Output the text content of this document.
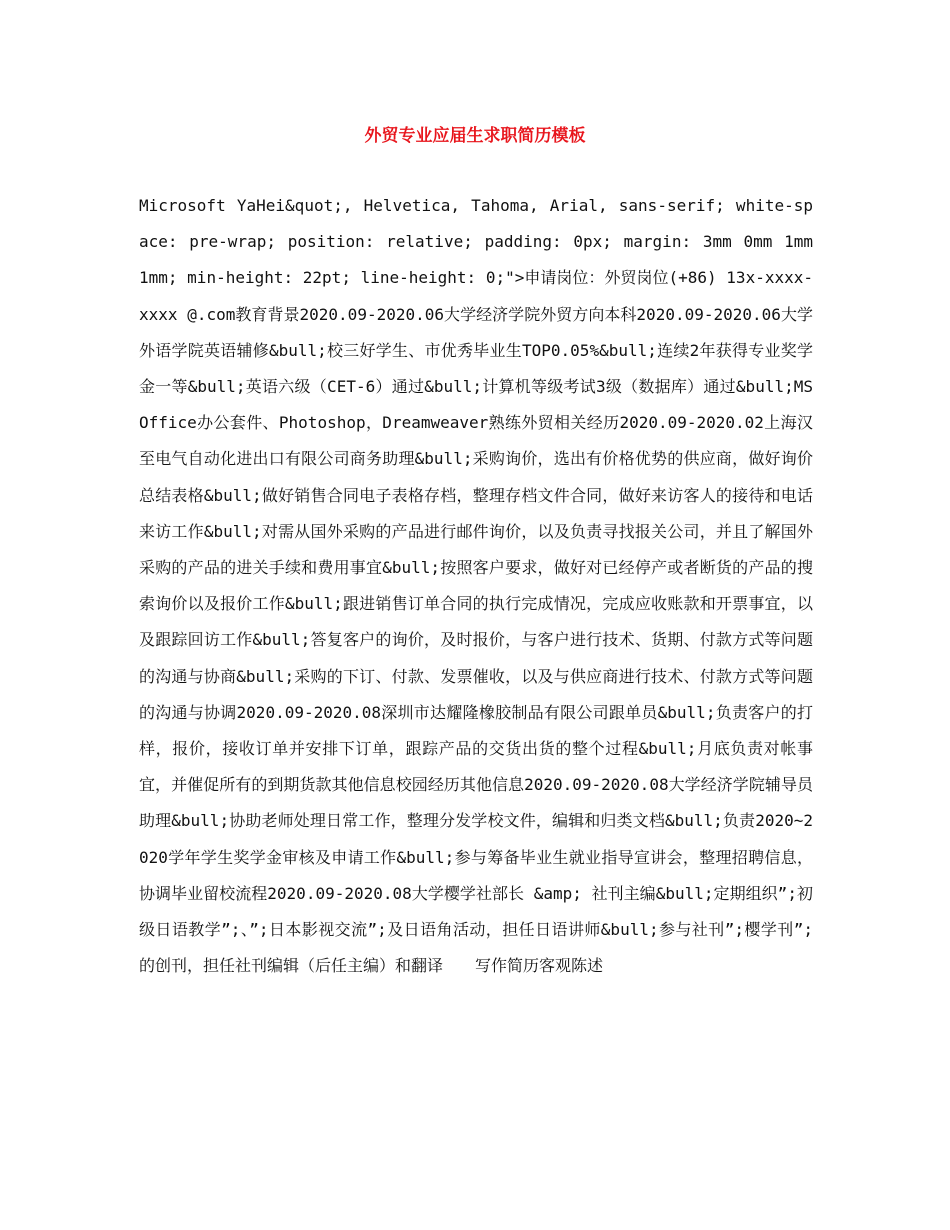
外贸专业应届生求职简历模板

Microsoft YaHei&quot;, Helvetica, Tahoma, Arial, sans-serif; white-space: pre-wrap; position: relative; padding: 0px; margin: 3mm 0mm 1mm 1mm; min-height: 22pt; line-height: 0;">申请岗位：外贸岗位(+86) 13x-xxxx-xxxx @.com教育背景2020.09-2020.06大学经济学院外贸方向本科2020.09-2020.06大学外语学院英语辅修&bull;校三好学生、市优秀毕业生TOP0.05%&bull;连续2年获得专业奖学金一等&bull;英语六级（CET-6）通过&bull;计算机等级考试3级（数据库）通过&bull;MS Office办公套件、Photoshop，Dreamweaver熟练外贸相关经历2020.09-2020.02上海汉至电气自动化进出口有限公司商务助理&bull;采购询价，选出有价格优势的供应商，做好询价总结表格&bull;做好销售合同电子表格存档，整理存档文件合同，做好来访客人的接待和电话来访工作&bull;对需从国外采购的产品进行邮件询价，以及负责寻找报关公司，并且了解国外采购的产品的进关手续和费用事宜&bull;按照客户要求，做好对已经停产或者断货的产品的搜索询价以及报价工作&bull;跟进销售订单合同的执行完成情况，完成应收账款和开票事宜，以及跟踪回访工作&bull;答复客户的询价，及时报价，与客户进行技术、货期、付款方式等问题的沟通与协商&bull;采购的下订、付款、发票催收，以及与供应商进行技术、付款方式等问题的沟通与协调2020.09-2020.08深圳市达耀隆橡胶制品有限公司跟单员&bull;负责客户的打样，报价，接收订单并安排下订单，跟踪产品的交货出货的整个过程&bull;月底负责对帐事宜，并催促所有的到期货款其他信息校园经历其他信息2020.09-2020.08大学经济学院辅导员助理&bull;协助老师处理日常工作，整理分发学校文件，编辑和归类文档&bull;负责2020~2020学年学生奖学金审核及申请工作&bull;参与筹备毕业生就业指导宣讲会，整理招聘信息，协调毕业留校流程2020.09-2020.08大学樱学社部长 &amp; 社刊主编&bull;定期组织”;初级日语教学”;、”;日本影视交流”;及日语角活动，担任日语讲师&bull;参与社刊”;樱学刊”;的创刊，担任社刊编辑（后任主编）和翻译　　写作简历客观陈述
